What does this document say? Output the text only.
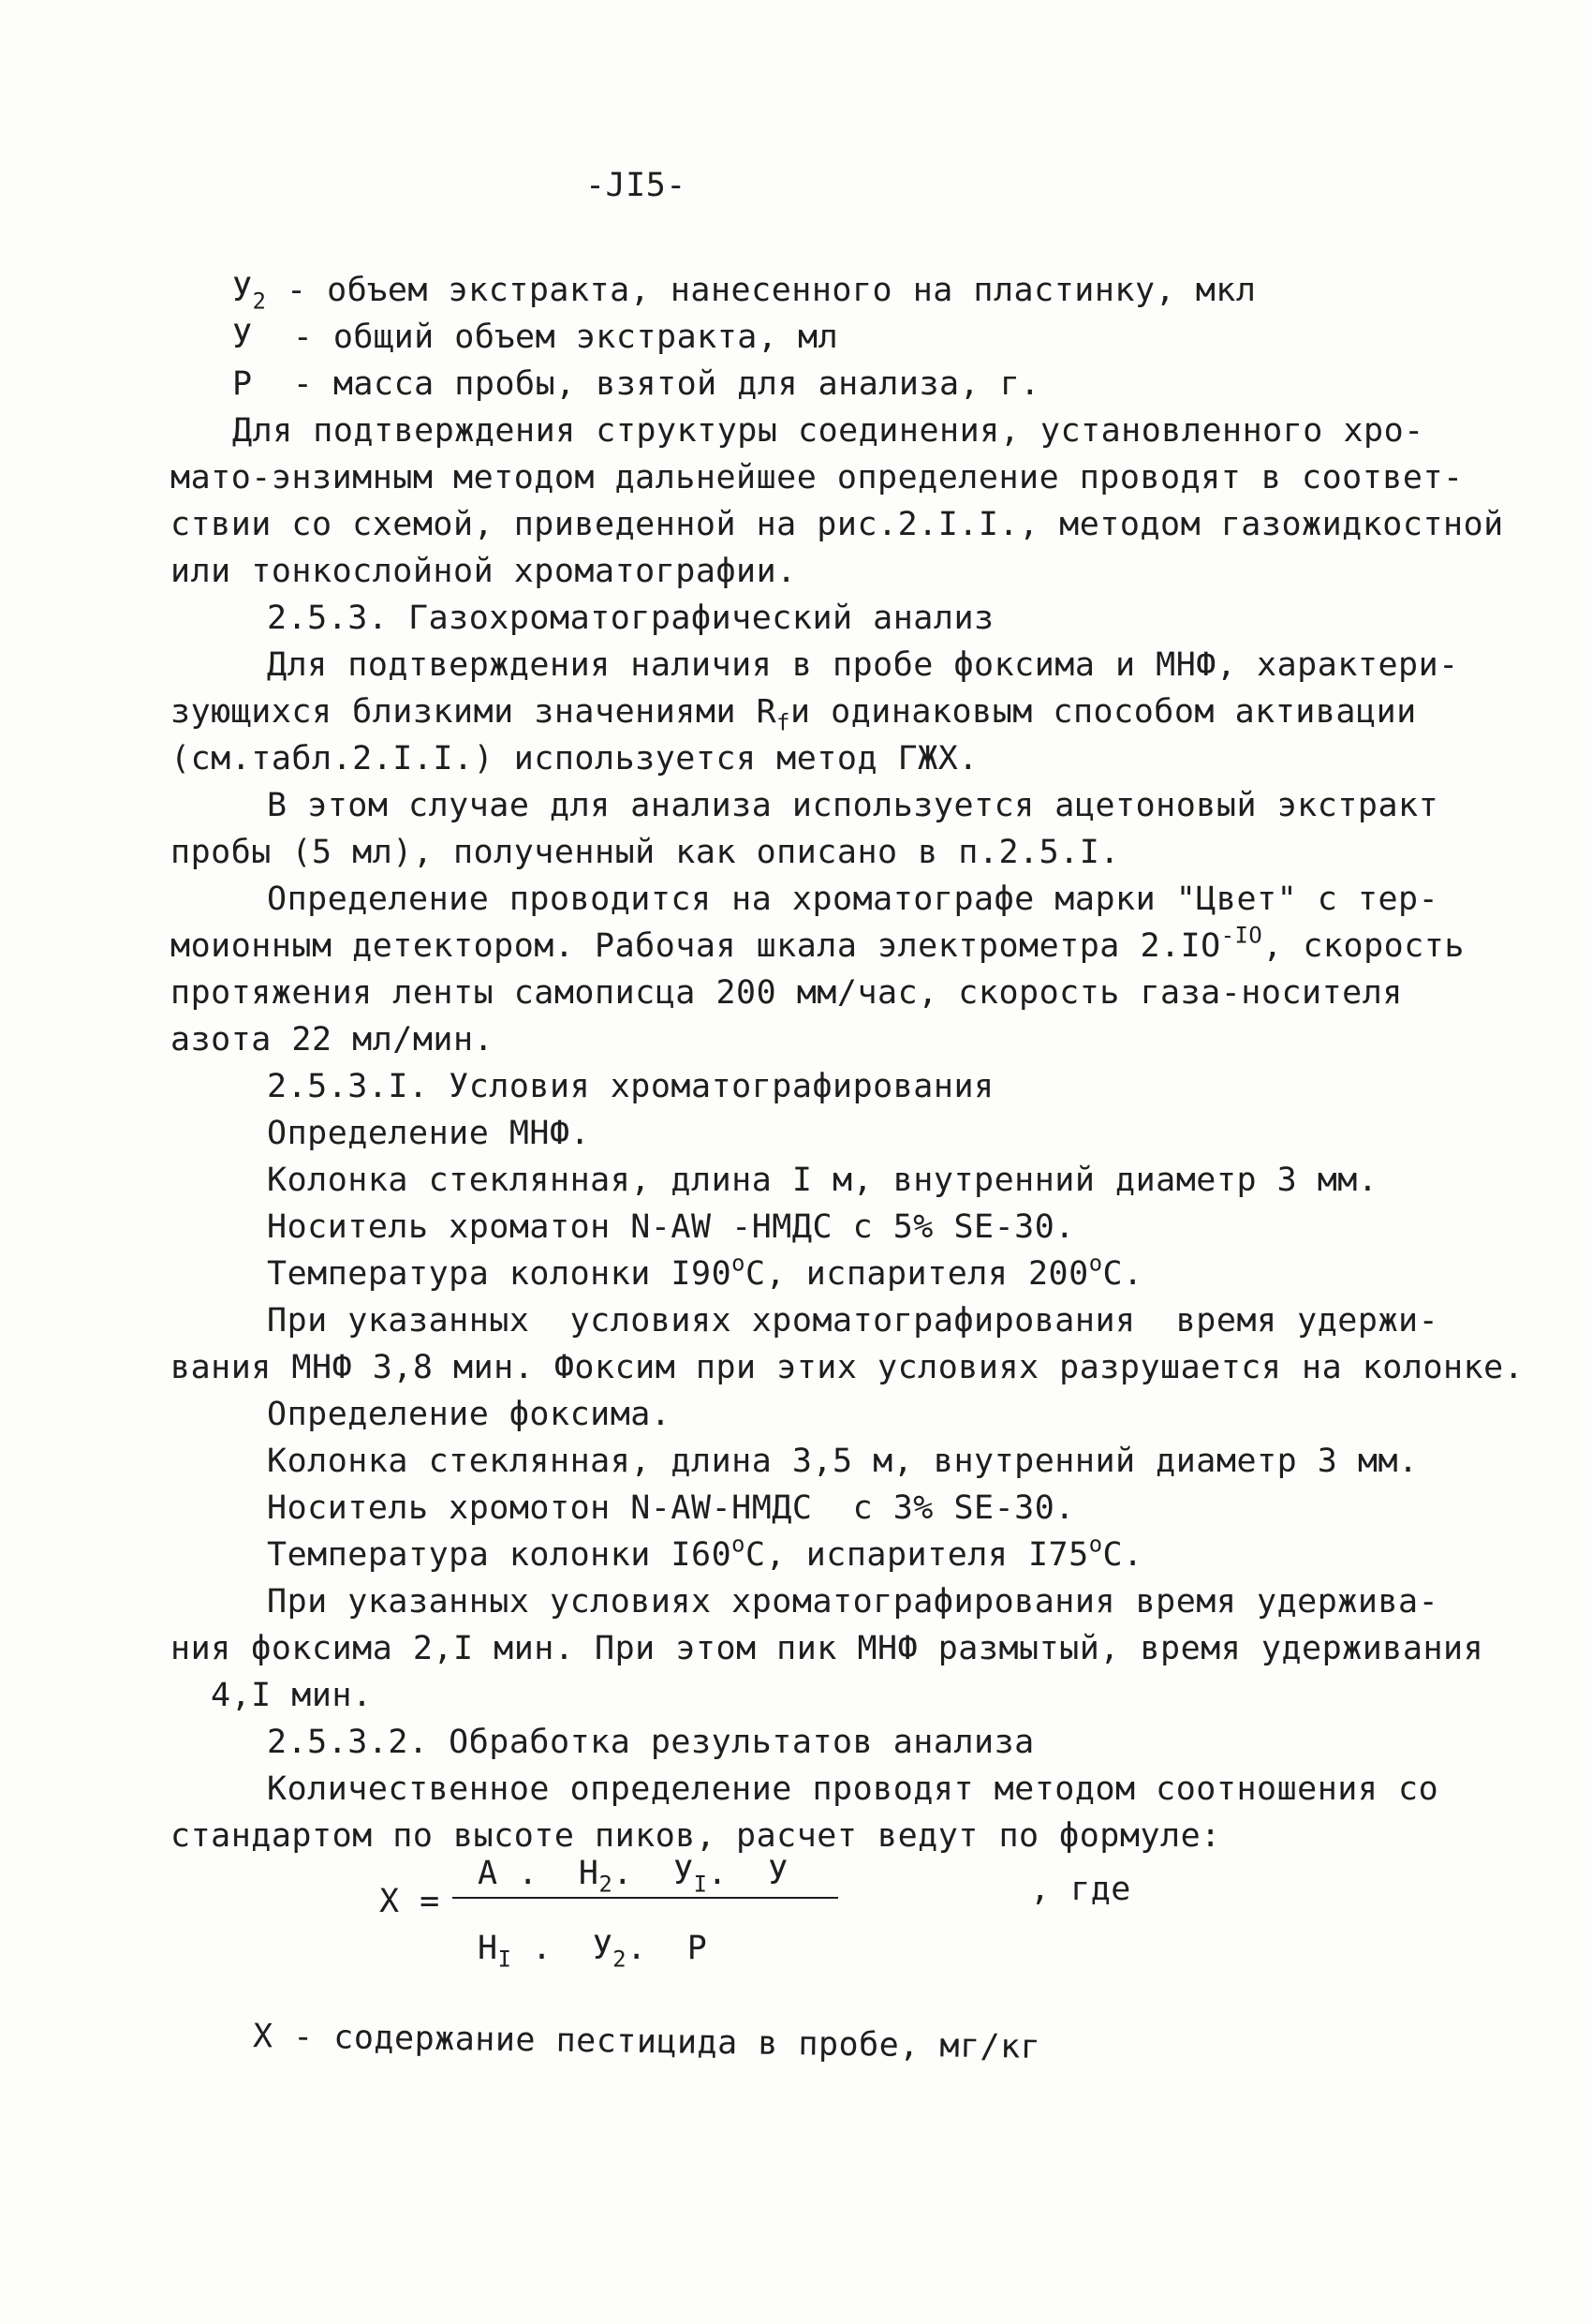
-JI5-
$У_2$ - объем экстракта, нанесенного на пластинку, мкл
У  - общий объем экстракта, мл
Р  - масса пробы, взятой для анализа, г.
Для подтверждения структуры соединения, установленного хро-
мато-энзимным методом дальнейшее определение проводят в соответ-
ствии со схемой, приведенной на рис.2.I.I., методом газожидкостной
или тонкослойной хроматографии.
2.5.3. Газохроматографический анализ
Для подтверждения наличия в пробе фоксима и МНФ, характери-
зующихся близкими значениями $R_fи$ одинаковым способом активации
(см.табл.2.I.I.) используется метод ГЖХ.
В этом случае для анализа используется ацетоновый экстракт
пробы (5 мл), полученный как описано в п.2.5.I.
Определение проводится на хроматографе марки "Цвет" с тер-
моионным детектором. Рабочая шкала электрометра $2.IO^{-IO}$, скорость
протяжения ленты самописца 200 мм/час, скорость газа-носителя
азота 22 мл/мин.
2.5.3.I. Условия хроматографирования
Определение МНФ.
Колонка стеклянная, длина I м, внутренний диаметр 3 мм.
Носитель хроматон N-AW -НМДС с 5% SE-30.
Температура колонки I90$^o$С, испарителя 200$^o$С.
При указанных  условиях хроматографирования  время удержи-
вания МНФ 3,8 мин. Фоксим при этих условиях разрушается на колонке.
Определение фоксима.
Колонка стеклянная, длина 3,5 м, внутренний диаметр 3 мм.
Носитель хромотон N-AW-НМДС  с 3% SE-30.
Температура колонки I60$^o$С, испарителя I75$^o$С.
При указанных условиях хроматографирования время удержива-
ния фоксима 2,I мин. При этом пик МНФ размытый, время удерживания
4,I мин.
2.5.3.2. Обработка результатов анализа
Количественное определение проводят методом соотношения со
стандартом по высоте пиков, расчет ведут по формуле:
X =
А .  $Н_2$.  $У_I$.  У
$Н_I$ .  $У_2$.  Р
, где
X - содержание пестицида в пробе, мг/кг
